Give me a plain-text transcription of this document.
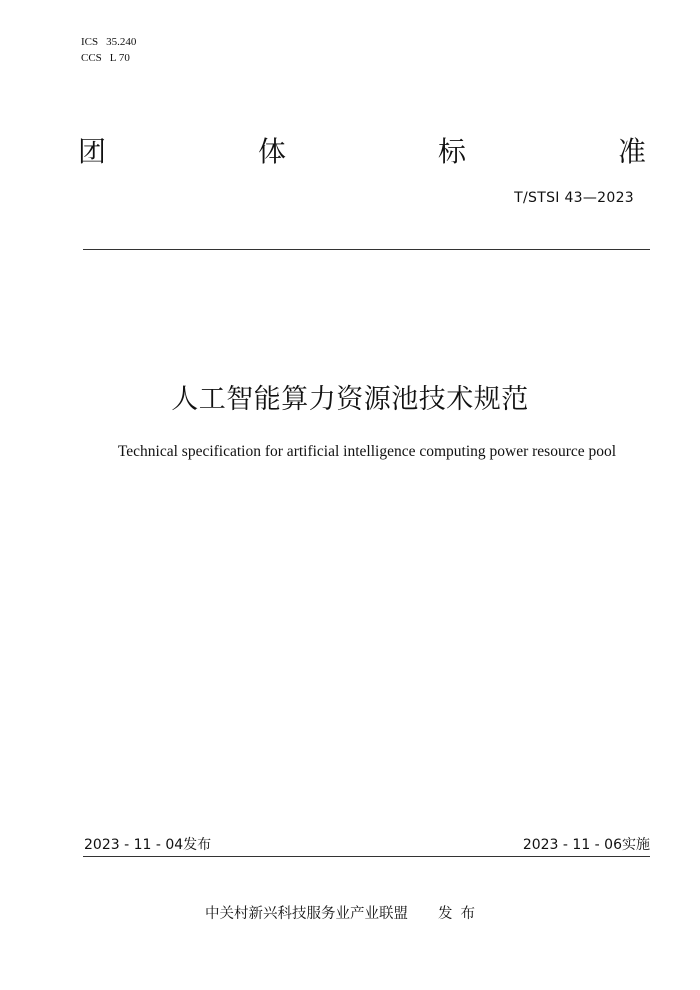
ICS 35.240
CCS L 70
团	体	标	准
T/STSI 43—2023
人工智能算力资源池技术规范
Technical specification for artificial intelligence computing power resource pool
2023 - 11 - 04发布	2023 - 11 - 06实施
中关村新兴科技服务业产业联盟 发布
